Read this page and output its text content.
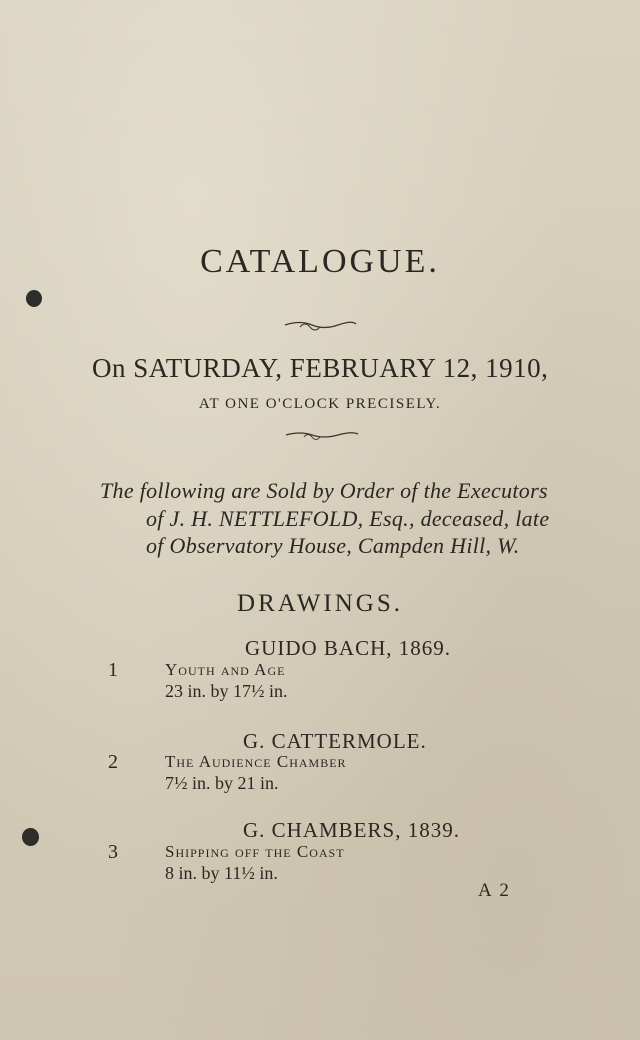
CATALOGUE.
On SATURDAY, FEBRUARY 12, 1910,
AT ONE O'CLOCK PRECISELY.
The following are Sold by Order of the Executors
of J. H. NETTLEFOLD, Esq., deceased, late
of Observatory House, Campden Hill, W.
DRAWINGS.
GUIDO BACH, 1869.
1	Youth and Age
23 in. by 17½ in.
G. CATTERMOLE.
2	The Audience Chamber
7½ in. by 21 in.
G. CHAMBERS, 1839.
3	Shipping off the Coast
8 in. by 11½ in.
A 2
